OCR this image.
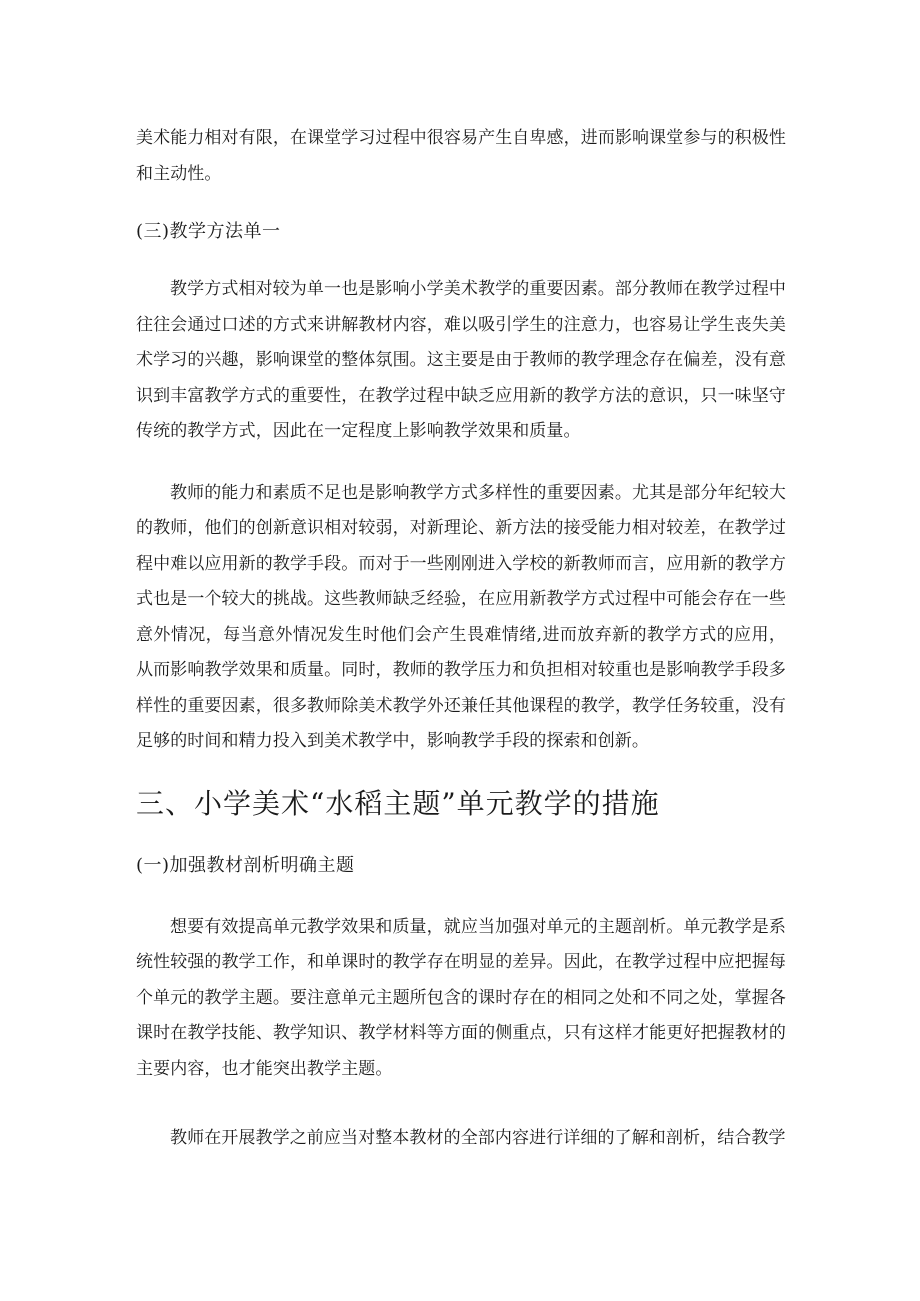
美术能力相对有限，在课堂学习过程中很容易产生自卑感，进而影响课堂参与的积极性和主动性。

(三)教学方法单一

教学方式相对较为单一也是影响小学美术教学的重要因素。部分教师在教学过程中往往会通过口述的方式来讲解教材内容，难以吸引学生的注意力，也容易让学生丧失美术学习的兴趣，影响课堂的整体氛围。这主要是由于教师的教学理念存在偏差，没有意识到丰富教学方式的重要性，在教学过程中缺乏应用新的教学方法的意识，只一味坚守传统的教学方式，因此在一定程度上影响教学效果和质量。

教师的能力和素质不足也是影响教学方式多样性的重要因素。尤其是部分年纪较大的教师，他们的创新意识相对较弱，对新理论、新方法的接受能力相对较差，在教学过程中难以应用新的教学手段。而对于一些刚刚进入学校的新教师而言，应用新的教学方式也是一个较大的挑战。这些教师缺乏经验，在应用新教学方式过程中可能会存在一些意外情况，每当意外情况发生时他们会产生畏难情绪,进而放弃新的教学方式的应用，从而影响教学效果和质量。同时，教师的教学压力和负担相对较重也是影响教学手段多样性的重要因素，很多教师除美术教学外还兼任其他课程的教学，教学任务较重，没有足够的时间和精力投入到美术教学中，影响教学手段的探索和创新。

三、小学美术“水稻主题”单元教学的措施

(一)加强教材剖析明确主题

想要有效提高单元教学效果和质量，就应当加强对单元的主题剖析。单元教学是系统性较强的教学工作，和单课时的教学存在明显的差异。因此，在教学过程中应把握每个单元的教学主题。要注意单元主题所包含的课时存在的相同之处和不同之处，掌握各课时在教学技能、教学知识、教学材料等方面的侧重点，只有这样才能更好把握教材的主要内容，也才能突出教学主题。

教师在开展教学之前应当对整本教材的全部内容进行详细的了解和剖析，结合教学
